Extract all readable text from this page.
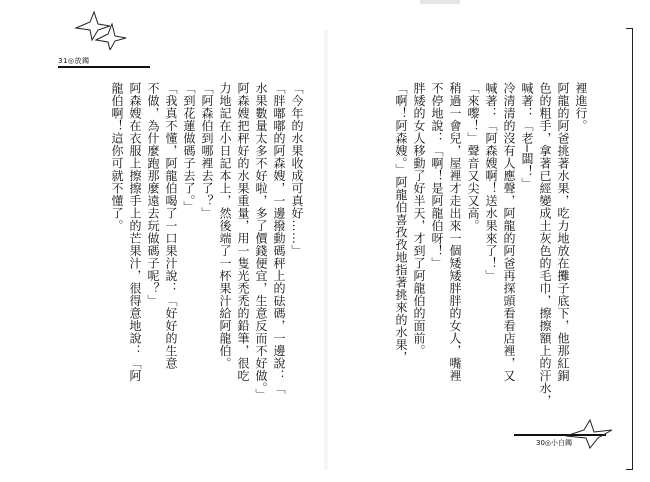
31◎放鐲
裡進行。
阿龍的阿爸挑著水果，吃力地放在攤子底下，他那紅銅
色的粗手，拿著已經變成土灰色的毛巾，擦擦額上的汗水，
喊著：「老─闆！」
冷清清的沒有人應聲，阿龍的阿爸再探頭看看店裡，又
喊著：「阿森嫂啊！送水果來了！」
「來嚟！」聲音又尖又高。
稍過一會兒，屋裡才走出來一個矮矮胖胖的女人，嘴裡
不停地說：「啊！是阿龍伯呀！」
胖矮的女人移動了好半天，才到了阿龍伯的面前。
「啊！阿森嫂。」阿龍伯喜孜孜地指著挑來的水果，
「今年的水果收成可真好……」
「胖嘟嘟的阿森嫂，一邊撥動碼秤上的砝碼，一邊說：「
水果數量太多不好啦，多了價錢便宜，生意反而不好做。」
阿森嫂把秤好的水果重量，用一隻光禿禿的鉛筆，很吃
力地記在小日記本上，然後端了一杯果汁給阿龍伯。
「阿森伯到哪裡去了？」
「到花蓮做碼子去了。」
「我真不懂，阿龍伯喝了一口果汁說：「好好的生意
不做，為什麼跑那麼遠去玩做碼子呢？」
阿森嫂在衣服上擦擦手上的芒果汁，很得意地說：「阿
龍伯啊！這你可就不懂了。
30◎小白鐲
